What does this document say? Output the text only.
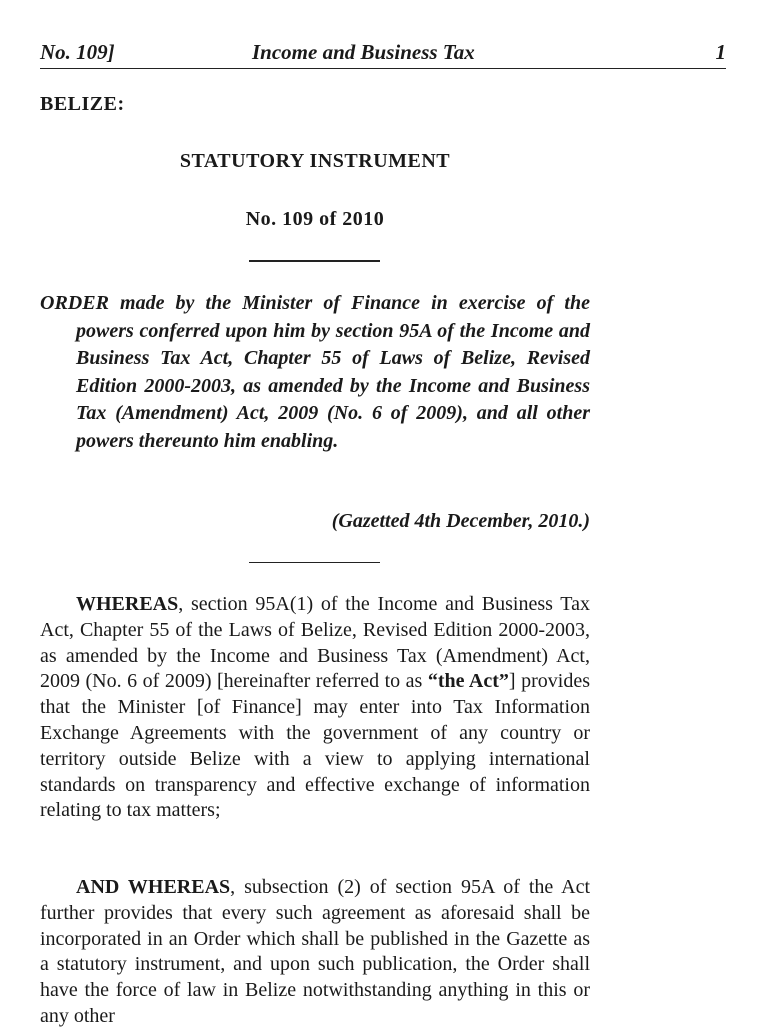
No. 109]	Income and Business Tax	1
BELIZE:
STATUTORY INSTRUMENT
No. 109 of 2010
ORDER made by the Minister of Finance in exercise of the powers conferred upon him by section 95A of the Income and Business Tax Act, Chapter 55 of Laws of Belize, Revised Edition 2000-2003, as amended by the Income and Business Tax (Amendment) Act, 2009 (No. 6 of 2009), and all other powers thereunto him enabling.
(Gazetted 4th December, 2010.)
WHEREAS, section 95A(1) of the Income and Business Tax Act, Chapter 55 of the Laws of Belize, Revised Edition 2000-2003, as amended by the Income and Business Tax (Amendment) Act, 2009 (No. 6 of 2009) [hereinafter referred to as “the Act”] provides that the Minister [of Finance] may enter into Tax Information Exchange Agreements with the government of any country or territory outside Belize with a view to applying international standards on transparency and effective exchange of information relating to tax matters;
AND WHEREAS, subsection (2) of section 95A of the Act further provides that every such agreement as aforesaid shall be incorporated in an Order which shall be published in the Gazette as a statutory instrument, and upon such publication, the Order shall have the force of law in Belize notwithstanding anything in this or any other
